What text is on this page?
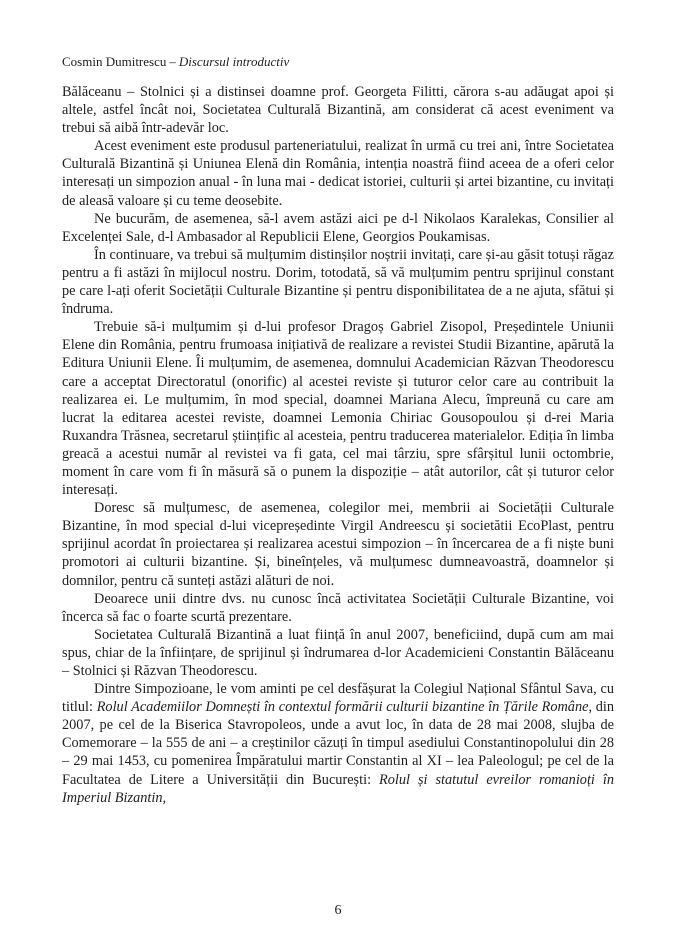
Cosmin Dumitrescu – Discursul introductiv

Bălăceanu – Stolnici și a distinsei doamne prof. Georgeta Filitti, cărora s-au adăugat apoi și altele, astfel încât noi, Societatea Culturală Bizantină, am considerat că acest eveniment va trebui să aibă într-adevăr loc.

Acest eveniment este produsul parteneriatului, realizat în urmă cu trei ani, între Societatea Culturală Bizantină și Uniunea Elenă din România, intenția noastră fiind aceea de a oferi celor interesați un simpozion anual - în luna mai - dedicat istoriei, culturii și artei bizantine, cu invitați de aleasă valoare și cu teme deosebite.

Ne bucurăm, de asemenea, să-l avem astăzi aici pe d-l Nikolaos Karalekas, Consilier al Excelenței Sale, d-l Ambasador al Republicii Elene, Georgios Poukamisas.

În continuare, va trebui să mulțumim distinșilor noștrii invitați, care și-au găsit totuși răgaz pentru a fi astăzi în mijlocul nostru. Dorim, totodată, să vă mulțumim pentru sprijinul constant pe care l-ați oferit Societății Culturale Bizantine și pentru disponibilitatea de a ne ajuta, sfătui și îndruma.

Trebuie să-i mulțumim și d-lui profesor Dragoș Gabriel Zisopol, Președintele Uniunii Elene din România, pentru frumoasa inițiativă de realizare a revistei Studii Bizantine, apărută la Editura Uniunii Elene. Îi mulțumim, de asemenea, domnului Academician Răzvan Theodorescu care a acceptat Directoratul (onorific) al acestei reviste și tuturor celor care au contribuit la realizarea ei. Le mulțumim, în mod special, doamnei Mariana Alecu, împreună cu care am lucrat la editarea acestei reviste, doamnei Lemonia Chiriac Gousopoulou și d-rei Maria Ruxandra Trăsnea, secretarul științific al acesteia, pentru traducerea materialelor. Ediția în limba greacă a acestui număr al revistei va fi gata, cel mai târziu, spre sfârșitul lunii octombrie, moment în care vom fi în măsură să o punem la dispoziție – atât autorilor, cât și tuturor celor interesați.

Doresc să mulțumesc, de asemenea, colegilor mei, membrii ai Societății Culturale Bizantine, în mod special d-lui vicepreședinte Virgil Andreescu și societătii EcoPlast, pentru sprijinul acordat în proiectarea și realizarea acestui simpozion – în încercarea de a fi niște buni promotori ai culturii bizantine. Și, bineînțeles, vă mulțumesc dumneavoastră, doamnelor și domnilor, pentru că sunteți astăzi alături de noi.

Deoarece unii dintre dvs. nu cunosc încă activitatea Societății Culturale Bizantine, voi încerca să fac o foarte scurtă prezentare.

Societatea Culturală Bizantină a luat ființă în anul 2007, beneficiind, după cum am mai spus, chiar de la înființare, de sprijinul și îndrumarea d-lor Academicieni Constantin Bălăceanu – Stolnici și Răzvan Theodorescu.

Dintre Simpozioane, le vom aminti pe cel desfășurat la Colegiul Național Sfântul Sava, cu titlul: Rolul Academiilor Domnești în contextul formării culturii bizantine în Țările Române, din 2007, pe cel de la Biserica Stavropoleos, unde a avut loc, în data de 28 mai 2008, slujba de Comemorare – la 555 de ani – a creștinilor căzuți în timpul asediului Constantinopolului din 28 – 29 mai 1453, cu pomenirea Împăratului martir Constantin al XI – lea Paleologul; pe cel de la Facultatea de Litere a Universității din București: Rolul și statutul evreilor romanioți în Imperiul Bizantin,

6
